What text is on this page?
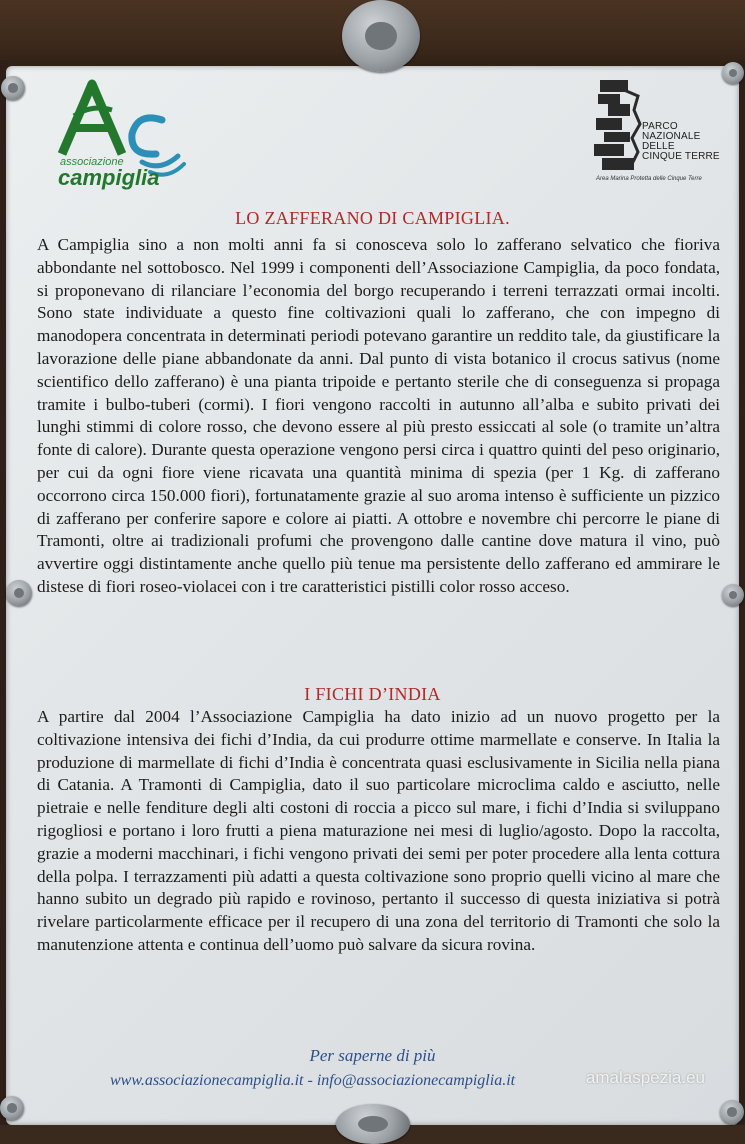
associazione
campiglia
PARCO
NAZIONALE
DELLE
CINQUE TERRE
Area Marina Protetta delle Cinque Terre
LO ZAFFERANO DI CAMPIGLIA.
A Campiglia sino a non molti anni fa si conosceva solo lo zafferano selvatico che fioriva abbondante nel sottobosco. Nel 1999 i componenti dell’Associazione Campiglia, da poco fondata, si proponevano di rilanciare l’economia del borgo recuperando i terreni terrazzati ormai incolti. Sono state individuate a questo fine coltivazioni quali lo zafferano, che con impegno di manodopera concentrata in determinati periodi potevano garantire un reddito tale, da giustificare la lavorazione delle piane abbandonate da anni. Dal punto di vista botanico il crocus sativus (nome scientifico dello zafferano) è una pianta tripoide e pertanto sterile che di conseguenza si propaga tramite i bulbo-tuberi (cormi). I fiori vengono raccolti in autunno all’alba e subito privati dei lunghi stimmi di colore rosso, che devono essere al più presto essiccati al sole (o tramite un’altra fonte di calore). Durante questa operazione vengono persi circa i quattro quinti del peso originario, per cui da ogni fiore viene ricavata una quantità minima di spezia (per 1 Kg. di zafferano occorrono circa 150.000 fiori), fortunatamente grazie al suo aroma intenso è sufficiente un pizzico di zafferano per conferire sapore e colore ai piatti. A ottobre e novembre chi percorre le piane di Tramonti, oltre ai tradizionali profumi che provengono dalle cantine dove matura il vino, può avvertire oggi distintamente anche quello più tenue ma persistente dello zafferano ed ammirare le distese di fiori roseo-violacei con i tre caratteristici pistilli color rosso acceso.
I FICHI D’INDIA
A partire dal 2004 l’Associazione Campiglia ha dato inizio ad un nuovo progetto per la coltivazione intensiva dei fichi d’India, da cui produrre ottime marmellate e conserve. In Italia la produzione di marmellate di fichi d’India è concentrata quasi esclusivamente in Sicilia nella piana di Catania. A Tramonti di Campiglia, dato il suo particolare microclima caldo e asciutto, nelle pietraie e nelle fenditure degli alti costoni di roccia a picco sul mare, i fichi d’India si sviluppano rigogliosi e portano i loro frutti a piena maturazione nei mesi di luglio/agosto. Dopo la raccolta, grazie a moderni macchinari, i fichi vengono privati dei semi per poter procedere alla lenta cottura della polpa. I terrazzamenti più adatti a questa coltivazione sono proprio quelli vicino al mare che hanno subito un degrado più rapido e rovinoso, pertanto il successo di questa iniziativa si potrà rivelare particolarmente efficace per il recupero di una zona del territorio di Tramonti che solo la manutenzione attenta e continua dell’uomo può salvare da sicura rovina.
Per saperne di più
www.associazionecampiglia.it - info@associazionecampiglia.it	amalaspezia.eu
